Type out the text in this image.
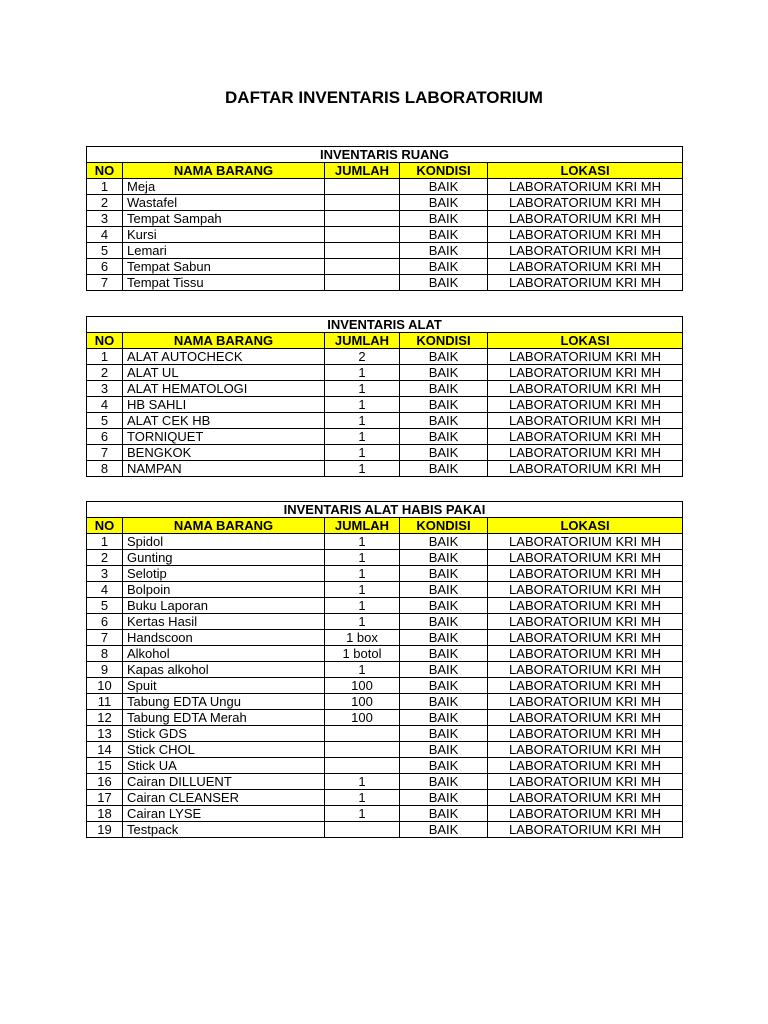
DAFTAR INVENTARIS LABORATORIUM
INVENTARIS RUANG				
NO	NAMA BARANG	JUMLAH	KONDISI	LOKASI
1	Meja		BAIK	LABORATORIUM KRI MH
2	Wastafel		BAIK	LABORATORIUM KRI MH
3	Tempat Sampah		BAIK	LABORATORIUM KRI MH
4	Kursi		BAIK	LABORATORIUM KRI MH
5	Lemari		BAIK	LABORATORIUM KRI MH
6	Tempat Sabun		BAIK	LABORATORIUM KRI MH
7	Tempat Tissu		BAIK	LABORATORIUM KRI MH
INVENTARIS ALAT				
NO	NAMA BARANG	JUMLAH	KONDISI	LOKASI
1	ALAT AUTOCHECK	2	BAIK	LABORATORIUM KRI MH
2	ALAT UL	1	BAIK	LABORATORIUM KRI MH
3	ALAT HEMATOLOGI	1	BAIK	LABORATORIUM KRI MH
4	HB SAHLI	1	BAIK	LABORATORIUM KRI MH
5	ALAT CEK HB	1	BAIK	LABORATORIUM KRI MH
6	TORNIQUET	1	BAIK	LABORATORIUM KRI MH
7	BENGKOK	1	BAIK	LABORATORIUM KRI MH
8	NAMPAN	1	BAIK	LABORATORIUM KRI MH
INVENTARIS ALAT HABIS PAKAI				
NO	NAMA BARANG	JUMLAH	KONDISI	LOKASI
1	Spidol	1	BAIK	LABORATORIUM KRI MH
2	Gunting	1	BAIK	LABORATORIUM KRI MH
3	Selotip	1	BAIK	LABORATORIUM KRI MH
4	Bolpoin	1	BAIK	LABORATORIUM KRI MH
5	Buku Laporan	1	BAIK	LABORATORIUM KRI MH
6	Kertas Hasil	1	BAIK	LABORATORIUM KRI MH
7	Handscoon	1 box	BAIK	LABORATORIUM KRI MH
8	Alkohol	1 botol	BAIK	LABORATORIUM KRI MH
9	Kapas alkohol	1	BAIK	LABORATORIUM KRI MH
10	Spuit	100	BAIK	LABORATORIUM KRI MH
11	Tabung EDTA Ungu	100	BAIK	LABORATORIUM KRI MH
12	Tabung EDTA Merah	100	BAIK	LABORATORIUM KRI MH
13	Stick GDS		BAIK	LABORATORIUM KRI MH
14	Stick CHOL		BAIK	LABORATORIUM KRI MH
15	Stick UA		BAIK	LABORATORIUM KRI MH
16	Cairan DILLUENT	1	BAIK	LABORATORIUM KRI MH
17	Cairan CLEANSER	1	BAIK	LABORATORIUM KRI MH
18	Cairan LYSE	1	BAIK	LABORATORIUM KRI MH
19	Testpack		BAIK	LABORATORIUM KRI MH
